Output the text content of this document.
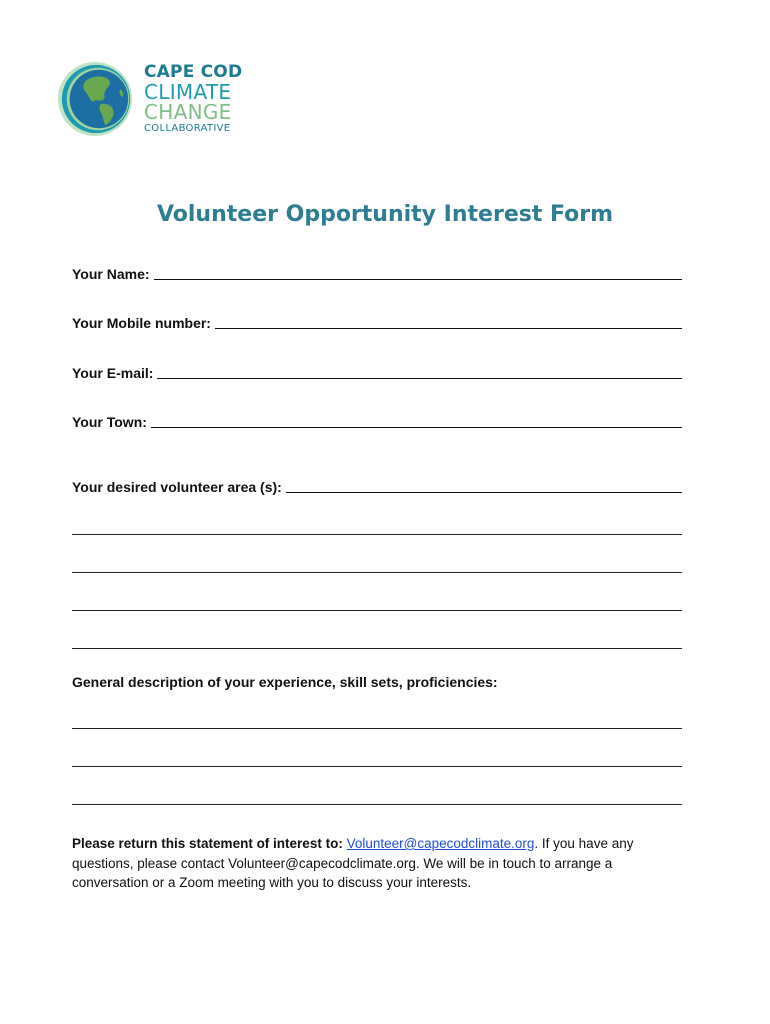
CAPE COD
CLIMATE
CHANGE
COLLABORATIVE
Volunteer Opportunity Interest Form
Your Name:
Your Mobile number:
Your E-mail:
Your Town:
Your desired volunteer area (s):
General description of your experience, skill sets, proficiencies:
Please return this statement of interest to: Volunteer@capecodclimate.org. If you have any questions, please contact Volunteer@capecodclimate.org. We will be in touch to arrange a conversation or a Zoom meeting with you to discuss your interests.
